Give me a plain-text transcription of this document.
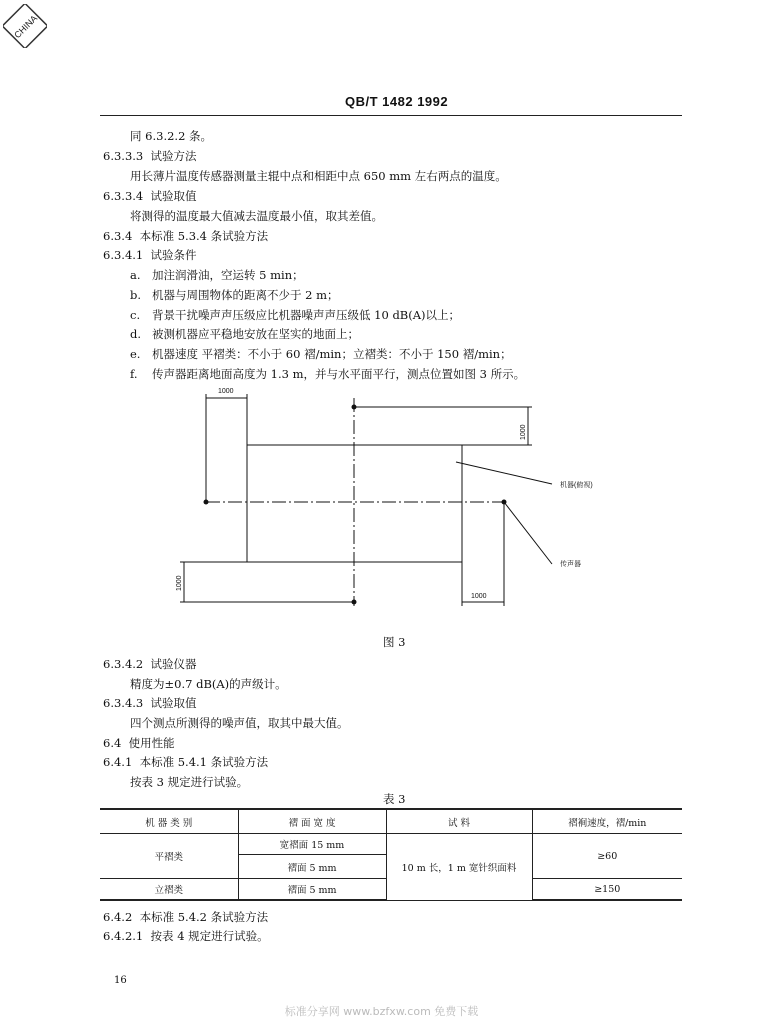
CHINA
QB/T 1482 1992
同 6.3.2.2 条。
6.3.3.3 试验方法
用长薄片温度传感器测量主辊中点和相距中点 650 mm 左右两点的温度。
6.3.3.4 试验取值
将测得的温度最大值减去温度最小值，取其差值。
6.3.4 本标准 5.3.4 条试验方法
6.3.4.1 试验条件
a. 加注润滑油，空运转 5 min；
b. 机器与周围物体的距离不少于 2 m；
c. 背景干扰噪声声压级应比机器噪声声压级低 10 dB(A)以上；
d. 被测机器应平稳地安放在坚实的地面上；
e. 机器速度 平褶类：不小于 60 褶/min；立褶类：不小于 150 褶/min；
f. 传声器距离地面高度为 1.3 m，并与水平面平行，测点位置如图 3 所示。
1000
1000
1000
1000
机器(俯视)
传声器
图 3
6.3.4.2 试验仪器
精度为±0.7 dB(A)的声级计。
6.3.4.3 试验取值
四个测点所测得的噪声值，取其中最大值。
6.4 使用性能
6.4.1 本标准 5.4.1 条试验方法
按表 3 规定进行试验。
表 3
机 器 类 别	褶 面 宽 度	试 料	褶裥速度，褶/min
平褶类	宽褶面 15 mm	10 m 长，1 m 宽针织面料	≥60
	褶面 5 mm		
立褶类	褶面 5 mm		≥150
6.4.2 本标准 5.4.2 条试验方法
6.4.2.1 按表 4 规定进行试验。
16
标准分享网 www.bzfxw.com 免费下载
